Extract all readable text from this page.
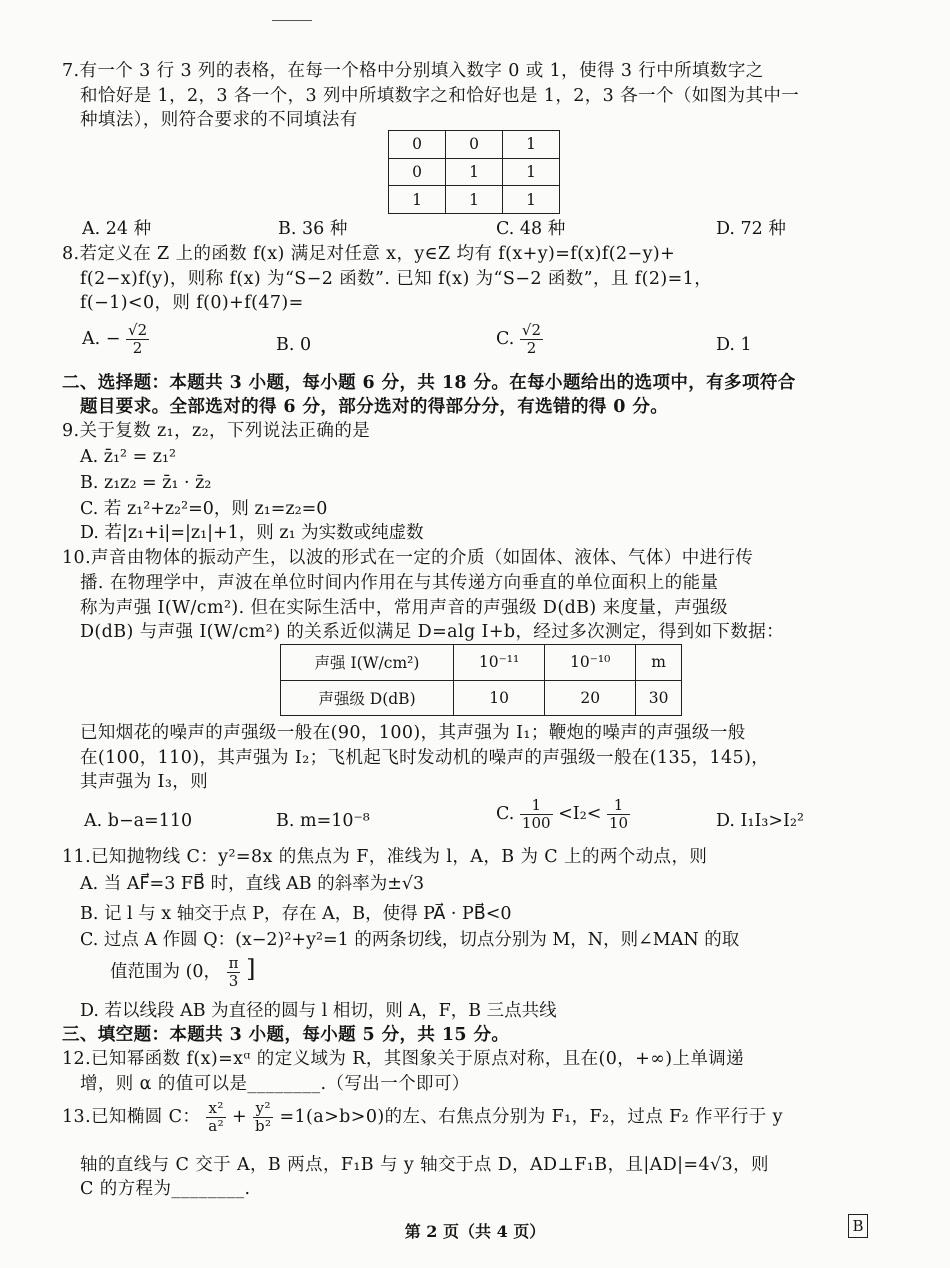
7.有一个 3 行 3 列的表格，在每一个格中分别填入数字 0 或 1，使得 3 行中所填数字之
和恰好是 1，2，3 各一个，3 列中所填数字之和恰好也是 1，2，3 各一个（如图为其中一
种填法），则符合要求的不同填法有
0	0	1
0	1	1
1	1	1
A. 24 种	B. 36 种	C. 48 种	D. 72 种
8.若定义在 Z 上的函数 f(x) 满足对任意 x，y∈Z 均有 f(x+y)=f(x)f(2−y)+
f(2−x)f(y)，则称 f(x) 为“S−2 函数”. 已知 f(x) 为“S−2 函数”，且 f(2)=1，
f(−1)<0，则 f(0)+f(47)=
A. − $\frac{√2}{2}$	B. 0	C. $\frac{√2}{2}$	D. 1
二、选择题：本题共 3 小题，每小题 6 分，共 18 分。在每小题给出的选项中，有多项符合
题目要求。全部选对的得 6 分，部分选对的得部分分，有选错的得 0 分。
9.关于复数 z₁，z₂，下列说法正确的是
A. z̄₁² = z₁²
B. z₁z₂ = z̄₁ · z̄₂
C. 若 z₁²+z₂²=0，则 z₁=z₂=0
D. 若|z₁+i|=|z₁|+1，则 z₁ 为实数或纯虚数
10.声音由物体的振动产生，以波的形式在一定的介质（如固体、液体、气体）中进行传
播. 在物理学中，声波在单位时间内作用在与其传递方向垂直的单位面积上的能量
称为声强 I(W/cm²). 但在实际生活中，常用声音的声强级 D(dB) 来度量，声强级
D(dB) 与声强 I(W/cm²) 的关系近似满足 D=alg I+b，经过多次测定，得到如下数据：
声强 I(W/cm²)	10⁻¹¹	10⁻¹⁰	m
声强级 D(dB)	10	20	30
已知烟花的噪声的声强级一般在(90，100)，其声强为 I₁；鞭炮的噪声的声强级一般
在(100，110)，其声强为 I₂；飞机起飞时发动机的噪声的声强级一般在(135，145)，
其声强为 I₃，则
A. b−a=110	B. m=10⁻⁸	C. $\frac{1}{100} <I_2< \frac{1}{10}$	D. I₁I₃>I₂²
11.已知抛物线 C：y²=8x 的焦点为 F，准线为 l，A，B 为 C 上的两个动点，则
A. 当 AF⃗=3 FB⃗ 时，直线 AB 的斜率为±√3
B. 记 l 与 x 轴交于点 P，存在 A，B，使得 PA⃗ · PB⃗<0
C. 过点 A 作圆 Q：(x−2)²+y²=1 的两条切线，切点分别为 M，N，则∠MAN 的取
值范围为 (0， $\frac{\pi}{3}$ ]
D. 若以线段 AB 为直径的圆与 l 相切，则 A，F，B 三点共线
三、填空题：本题共 3 小题，每小题 5 分，共 15 分。
12.已知幂函数 f(x)=xᵅ 的定义域为 R，其图象关于原点对称，且在(0，+∞)上单调递
增，则 α 的值可以是________.（写出一个即可）
13.已知椭圆 C： $\frac{\text{x²}}{\text{a²}} + \frac{\text{y²}}{\text{b²}} =1(a>b>0)$的左、右焦点分别为 F₁，F₂，过点 F₂ 作平行于 y
轴的直线与 C 交于 A，B 两点，F₁B 与 y 轴交于点 D，AD⊥F₁B，且|AD|=4√3，则
C 的方程为________.
第 2 页（共 4 页）	B
